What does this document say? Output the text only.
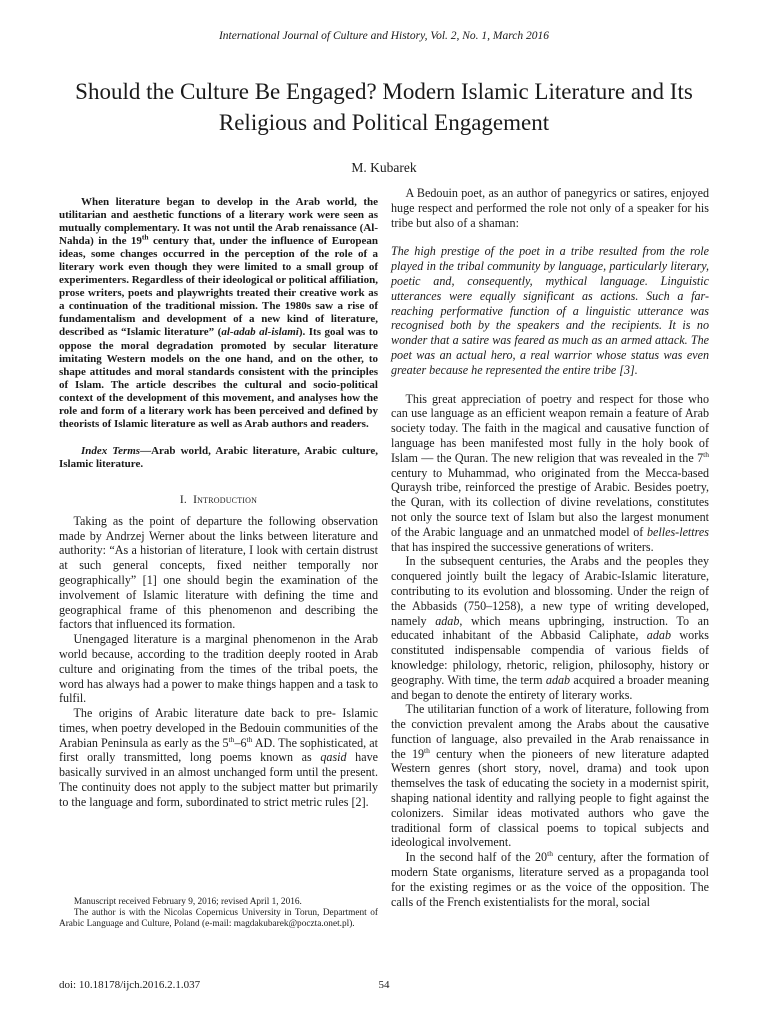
International Journal of Culture and History, Vol. 2, No. 1, March 2016
Should the Culture Be Engaged? Modern Islamic Literature and Its Religious and Political Engagement
M. Kubarek

When literature began to develop in the Arab world, the utilitarian and aesthetic functions of a literary work were seen as mutually complementary. It was not until the Arab renaissance (Al-Nahda) in the 19th century that, under the influence of European ideas, some changes occurred in the perception of the role of a literary work even though they were limited to a small group of experimenters. Regardless of their ideological or political affiliation, prose writers, poets and playwrights treated their creative work as a continuation of the traditional mission. The 1980s saw a rise of fundamentalism and development of a new kind of literature, described as “Islamic literature” (al-adab al-islami). Its goal was to oppose the moral degradation promoted by secular literature imitating Western models on the one hand, and on the other, to shape attitudes and moral standards consistent with the principles of Islam. The article describes the cultural and socio-political context of the development of this movement, and analyses how the role and form of a literary work has been perceived and defined by theorists of Islamic literature as well as Arab authors and readers.

Index Terms—Arab world, Arabic literature, Arabic culture, Islamic literature.

I. Introduction

Taking as the point of departure the following observation made by Andrzej Werner about the links between literature and authority: “As a historian of literature, I look with certain distrust at such general concepts, fixed neither temporally nor geographically” [1] one should begin the examination of the involvement of Islamic literature with defining the time and geographical frame of this phenomenon and describing the factors that influenced its formation.

Unengaged literature is a marginal phenomenon in the Arab world because, according to the tradition deeply rooted in Arab culture and originating from the times of the tribal poets, the word has always had a power to make things happen and a task to fulfil.

The origins of Arabic literature date back to pre- Islamic times, when poetry developed in the Bedouin communities of the Arabian Peninsula as early as the 5th–6th AD. The sophisticated, at first orally transmitted, long poems known as qasid have basically survived in an almost unchanged form until the present. The continuity does not apply to the subject matter but primarily to the language and form, subordinated to strict metric rules [2].

Manuscript received February 9, 2016; revised April 1, 2016.

The author is with the Nicolas Copernicus University in Torun, Department of Arabic Language and Culture, Poland (e-mail: magdakubarek@poczta.onet.pl).

A Bedouin poet, as an author of panegyrics or satires, enjoyed huge respect and performed the role not only of a speaker for his tribe but also of a shaman:

The high prestige of the poet in a tribe resulted from the role played in the tribal community by language, particularly literary, poetic and, consequently, mythical language. Linguistic utterances were equally significant as actions. Such a far-reaching performative function of a linguistic utterance was recognised both by the speakers and the recipients. It is no wonder that a satire was feared as much as an armed attack. The poet was an actual hero, a real warrior whose status was even greater because he represented the entire tribe [3].

This great appreciation of poetry and respect for those who can use language as an efficient weapon remain a feature of Arab society today. The faith in the magical and causative function of language has been manifested most fully in the holy book of Islam — the Quran. The new religion that was revealed in the 7th century to Muhammad, who originated from the Mecca-based Quraysh tribe, reinforced the prestige of Arabic. Besides poetry, the Quran, with its collection of divine revelations, constitutes not only the source text of Islam but also the largest monument of the Arabic language and an unmatched model of belles-lettres that has inspired the successive generations of writers.

In the subsequent centuries, the Arabs and the peoples they conquered jointly built the legacy of Arabic-Islamic literature, contributing to its evolution and blossoming. Under the reign of the Abbasids (750–1258), a new type of writing developed, namely adab, which means upbringing, instruction. To an educated inhabitant of the Abbasid Caliphate, adab works constituted indispensable compendia of various fields of knowledge: philology, rhetoric, religion, philosophy, history or geography. With time, the term adab acquired a broader meaning and began to denote the entirety of literary works.

The utilitarian function of a work of literature, following from the conviction prevalent among the Arabs about the causative function of language, also prevailed in the Arab renaissance in the 19th century when the pioneers of new literature adapted Western genres (short story, novel, drama) and took upon themselves the task of educating the society in a modernist spirit, shaping national identity and rallying people to fight against the colonizers. Similar ideas motivated authors who gave the traditional form of classical poems to topical subjects and ideological involvement.

In the second half of the 20th century, after the formation of modern State organisms, literature served as a propaganda tool for the existing regimes or as the voice of the opposition. The calls of the French existentialists for the moral, social

doi: 10.18178/ijch.2016.2.1.037	54
